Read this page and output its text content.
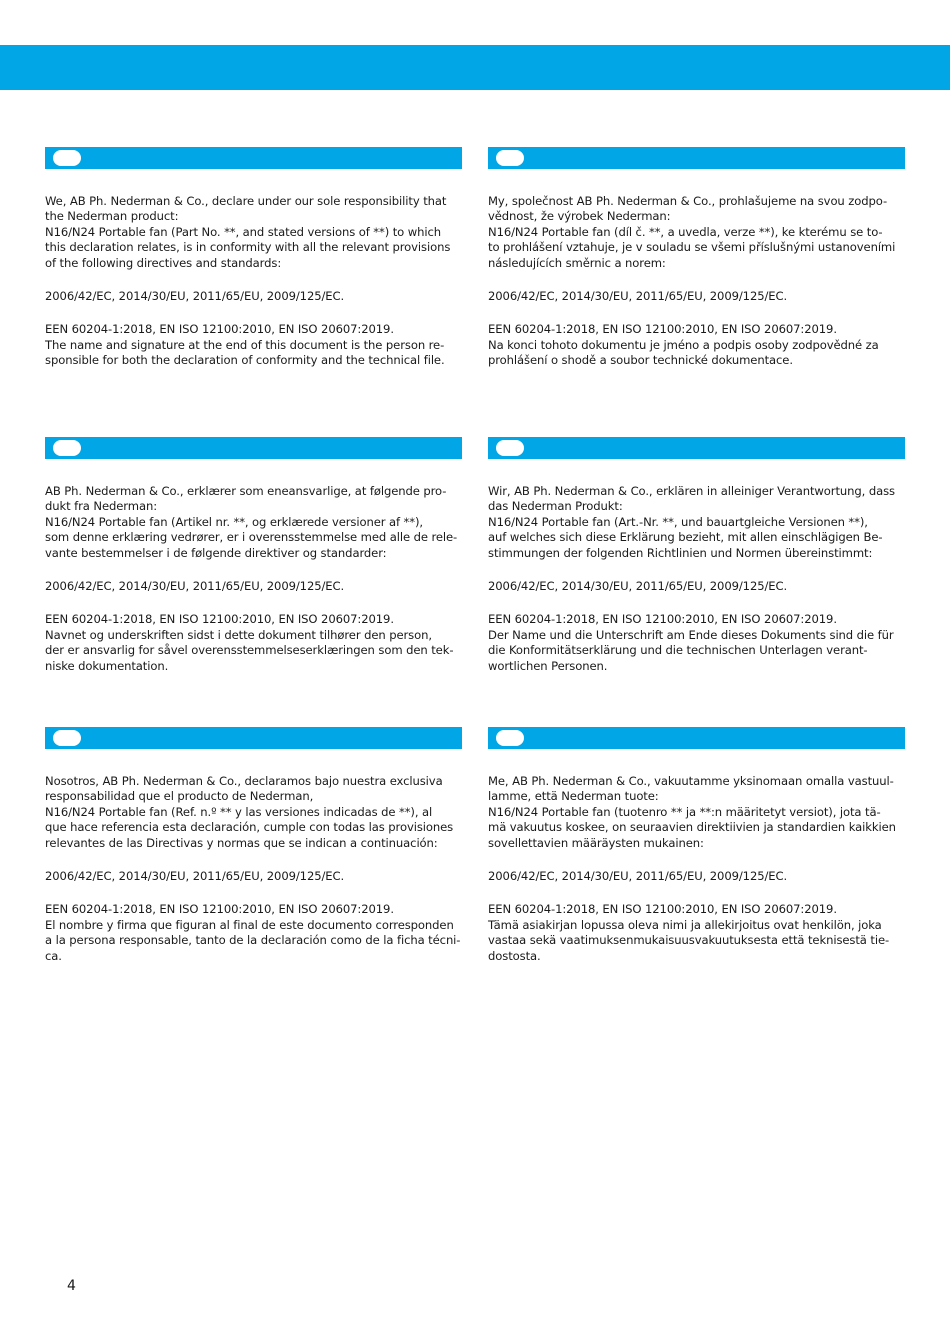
We, AB Ph. Nederman & Co., declare under our sole responsibility that
the Nederman product:
N16/N24 Portable fan (Part No. **, and stated versions of **) to which
this declaration relates, is in conformity with all the relevant provisions
of the following directives and standards:

2006/42/EC, 2014/30/EU, 2011/65/EU, 2009/125/EC.

EEN 60204-1:2018, EN ISO 12100:2010, EN ISO 20607:2019.

The name and signature at the end of this document is the person re-
sponsible for both the declaration of conformity and the technical file.

My, společnost AB Ph. Nederman & Co., prohlašujeme na svou zodpo-
vědnost, že výrobek Nederman:
N16/N24 Portable fan (díl č. **, a uvedla, verze **), ke kterému se to-
to prohlášení vztahuje, je v souladu se všemi příslušnými ustanoveními
následujících směrnic a norem:

2006/42/EC, 2014/30/EU, 2011/65/EU, 2009/125/EC.

EEN 60204-1:2018, EN ISO 12100:2010, EN ISO 20607:2019.

Na konci tohoto dokumentu je jméno a podpis osoby zodpovědné za
prohlášení o shodě a soubor technické dokumentace.

AB Ph. Nederman & Co., erklærer som eneansvarlige, at følgende pro-
dukt fra Nederman:
N16/N24 Portable fan (Artikel nr. **, og erklærede versioner af **),
som denne erklæring vedrører, er i overensstemmelse med alle de rele-
vante bestemmelser i de følgende direktiver og standarder:

2006/42/EC, 2014/30/EU, 2011/65/EU, 2009/125/EC.

EEN 60204-1:2018, EN ISO 12100:2010, EN ISO 20607:2019.

Navnet og underskriften sidst i dette dokument tilhører den person,
der er ansvarlig for såvel overensstemmelseserklæringen som den tek-
niske dokumentation.

Wir, AB Ph. Nederman & Co., erklären in alleiniger Verantwortung, dass
das Nederman Produkt:
N16/N24 Portable fan (Art.-Nr. **, und bauartgleiche Versionen **),
auf welches sich diese Erklärung bezieht, mit allen einschlägigen Be-
stimmungen der folgenden Richtlinien und Normen übereinstimmt:

2006/42/EC, 2014/30/EU, 2011/65/EU, 2009/125/EC.

EEN 60204-1:2018, EN ISO 12100:2010, EN ISO 20607:2019.

Der Name und die Unterschrift am Ende dieses Dokuments sind die für
die Konformitätserklärung und die technischen Unterlagen verant-
wortlichen Personen.

Nosotros, AB Ph. Nederman & Co., declaramos bajo nuestra exclusiva
responsabilidad que el producto de Nederman,
N16/N24 Portable fan (Ref. n.º ** y las versiones indicadas de **), al
que hace referencia esta declaración, cumple con todas las provisiones
relevantes de las Directivas y normas que se indican a continuación:

2006/42/EC, 2014/30/EU, 2011/65/EU, 2009/125/EC.

EEN 60204-1:2018, EN ISO 12100:2010, EN ISO 20607:2019.

El nombre y firma que figuran al final de este documento corresponden
a la persona responsable, tanto de la declaración como de la ficha técni-
ca.

Me, AB Ph. Nederman & Co., vakuutamme yksinomaan omalla vastuul-
lamme, että Nederman tuote:
N16/N24 Portable fan (tuotenro ** ja **:n määritetyt versiot), jota tä-
mä vakuutus koskee, on seuraavien direktiivien ja standardien kaikkien
sovellettavien määräysten mukainen:

2006/42/EC, 2014/30/EU, 2011/65/EU, 2009/125/EC.

EEN 60204-1:2018, EN ISO 12100:2010, EN ISO 20607:2019.

Tämä asiakirjan lopussa oleva nimi ja allekirjoitus ovat henkilön, joka
vastaa sekä vaatimuksenmukaisuusvakuutuksesta että teknisestä tie-
dostosta.

4
